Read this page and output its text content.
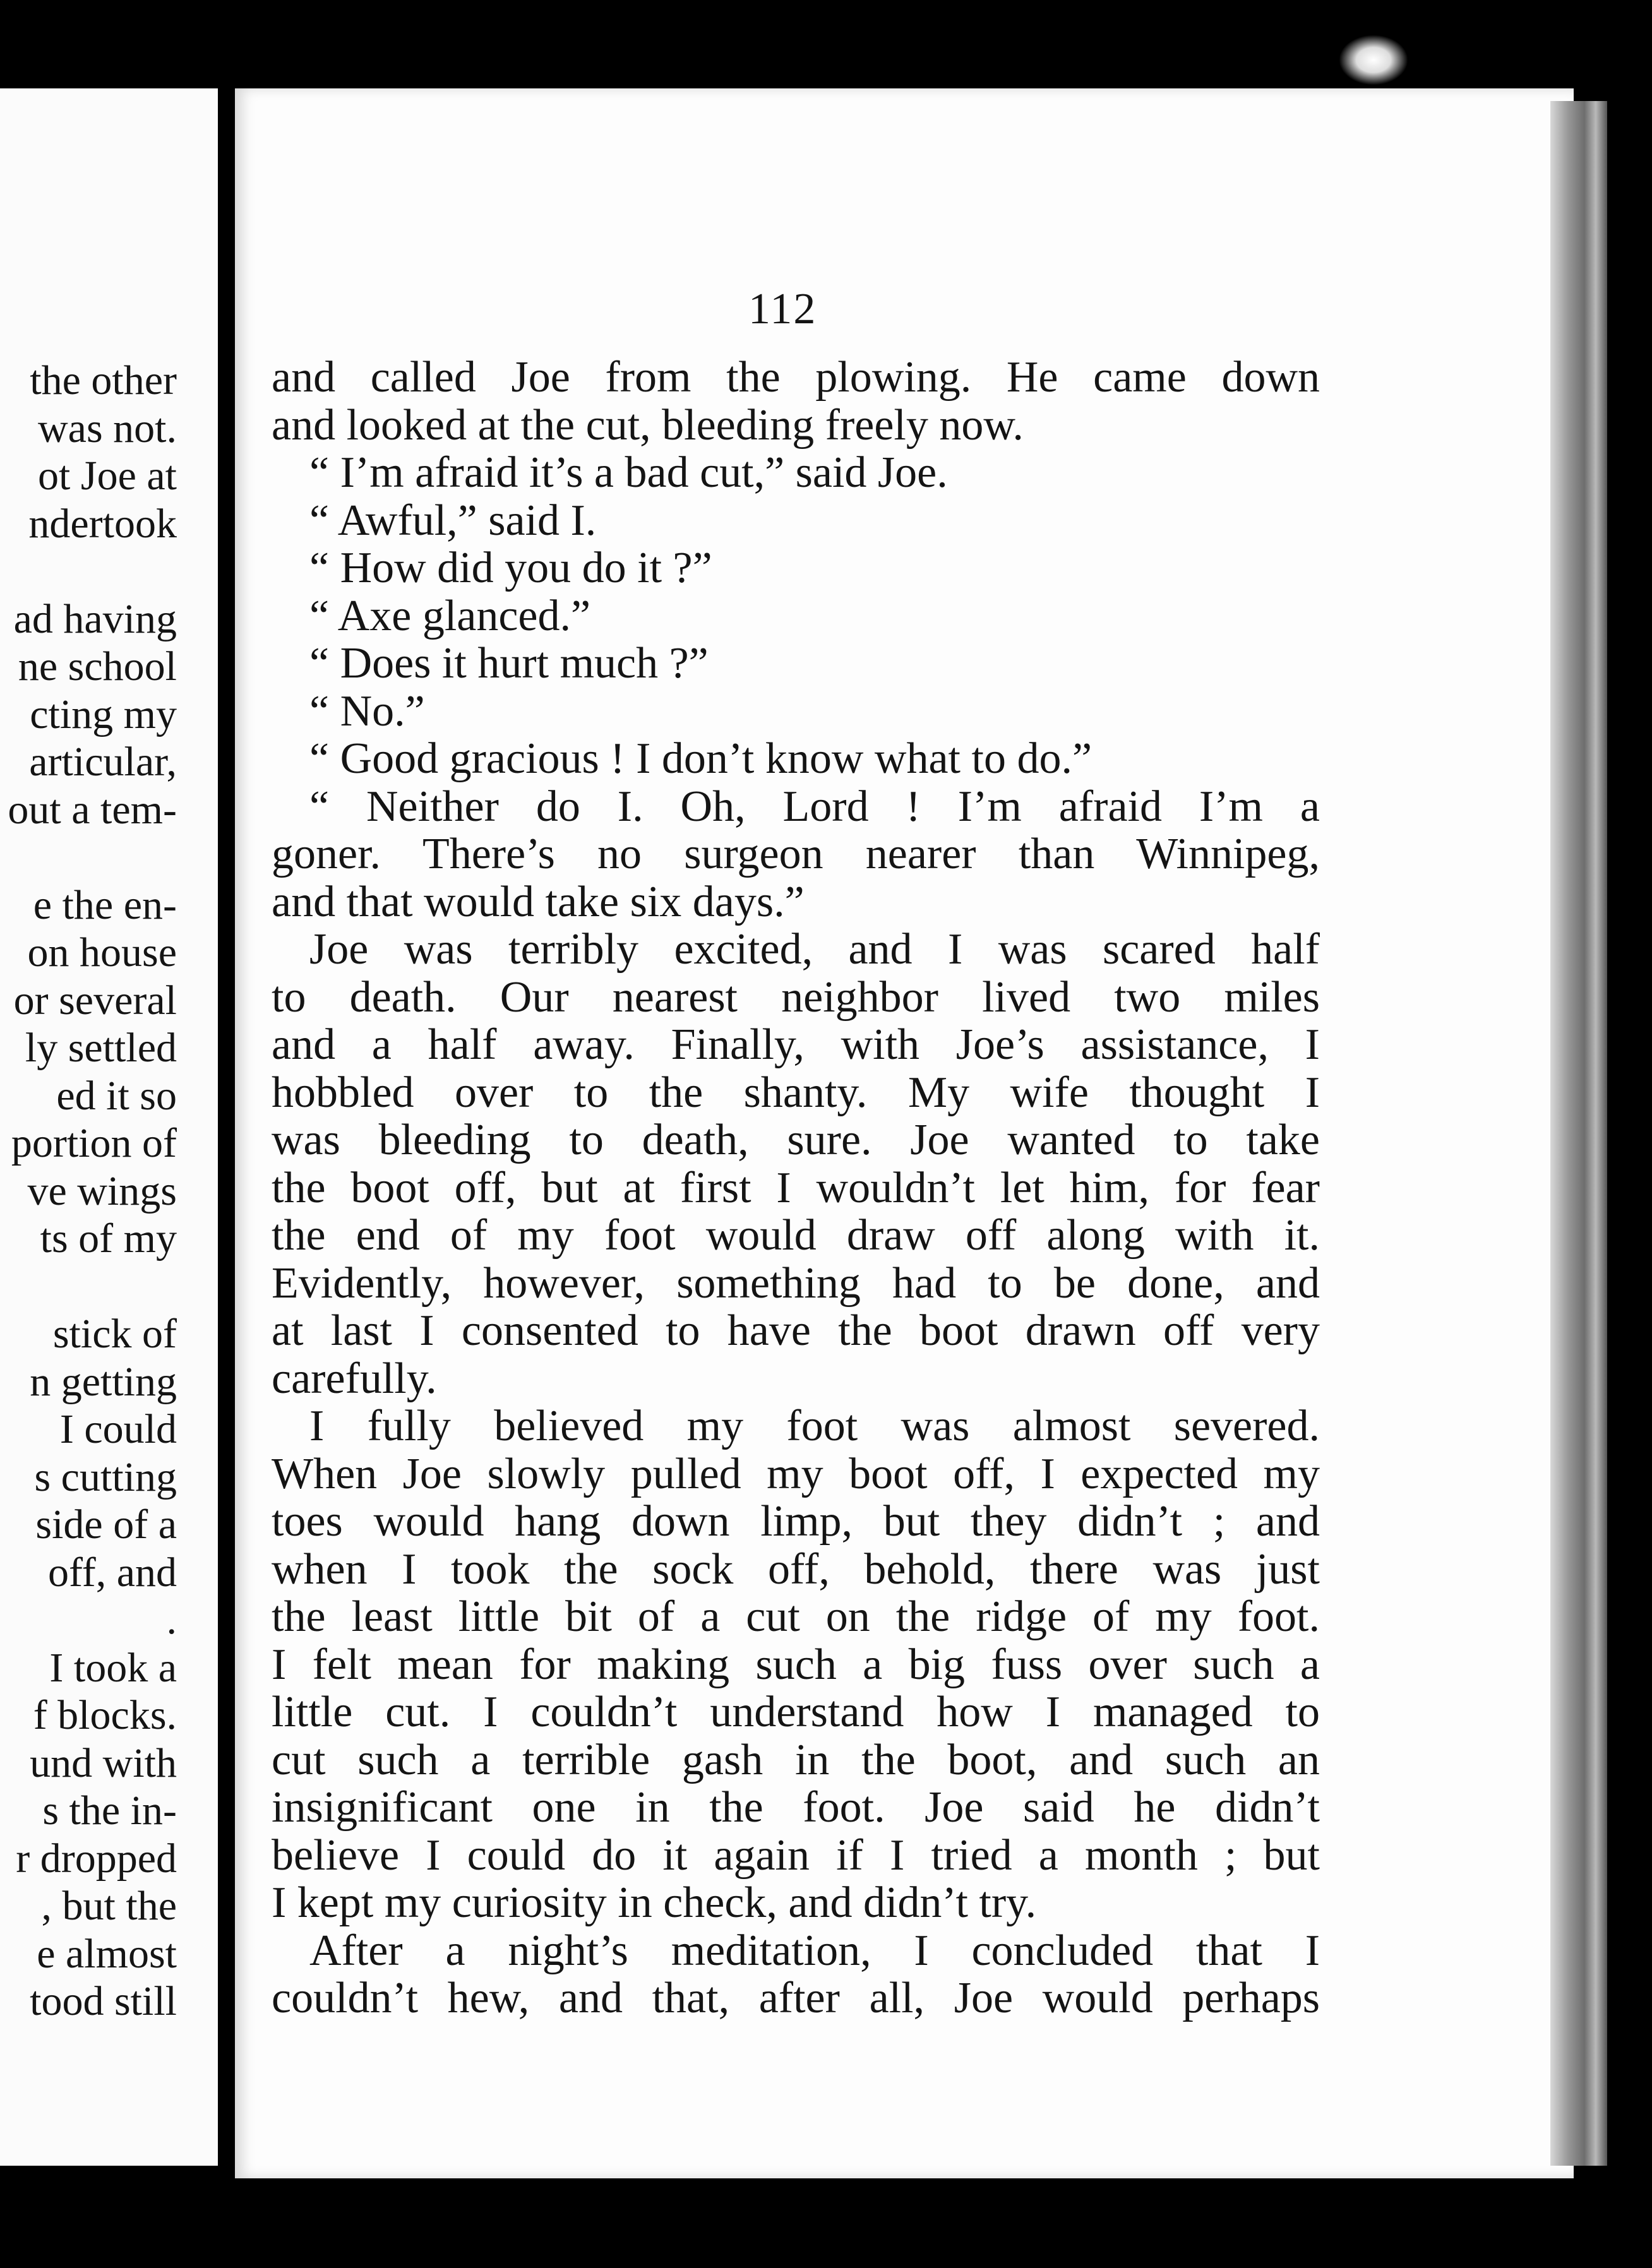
the other
was not.
ot Joe at
ndertook
ad having
ne school
cting my
articular,
out a tem-
e the en-
on house
or several
ly settled
ed it so
portion of
ve wings
ts of my
stick of
n getting
I could
s cutting
side of a
off, and
.
I took a
f blocks.
und with
s the in-
r dropped
, but the
e almost
tood still
112
and called Joe from the plowing. He came down
and looked at the cut, bleeding freely now.
“ I’m afraid it’s a bad cut,” said Joe.
“ Awful,” said I.
“ How did you do it ?”
“ Axe glanced.”
“ Does it hurt much ?”
“ No.”
“ Good gracious ! I don’t know what to do.”
“ Neither do I. Oh, Lord ! I’m afraid I’m a
goner. There’s no surgeon nearer than Winnipeg,
and that would take six days.”
Joe was terribly excited, and I was scared half
to death. Our nearest neighbor lived two miles
and a half away. Finally, with Joe’s assistance, I
hobbled over to the shanty. My wife thought I
was bleeding to death, sure. Joe wanted to take
the boot off, but at first I wouldn’t let him, for fear
the end of my foot would draw off along with it.
Evidently, however, something had to be done, and
at last I consented to have the boot drawn off very
carefully.
I fully believed my foot was almost severed.
When Joe slowly pulled my boot off, I expected my
toes would hang down limp, but they didn’t ; and
when I took the sock off, behold, there was just
the least little bit of a cut on the ridge of my foot.
I felt mean for making such a big fuss over such a
little cut. I couldn’t understand how I managed to
cut such a terrible gash in the boot, and such an
insignificant one in the foot. Joe said he didn’t
believe I could do it again if I tried a month ; but
I kept my curiosity in check, and didn’t try.
After a night’s meditation, I concluded that I
couldn’t hew, and that, after all, Joe would perhaps
